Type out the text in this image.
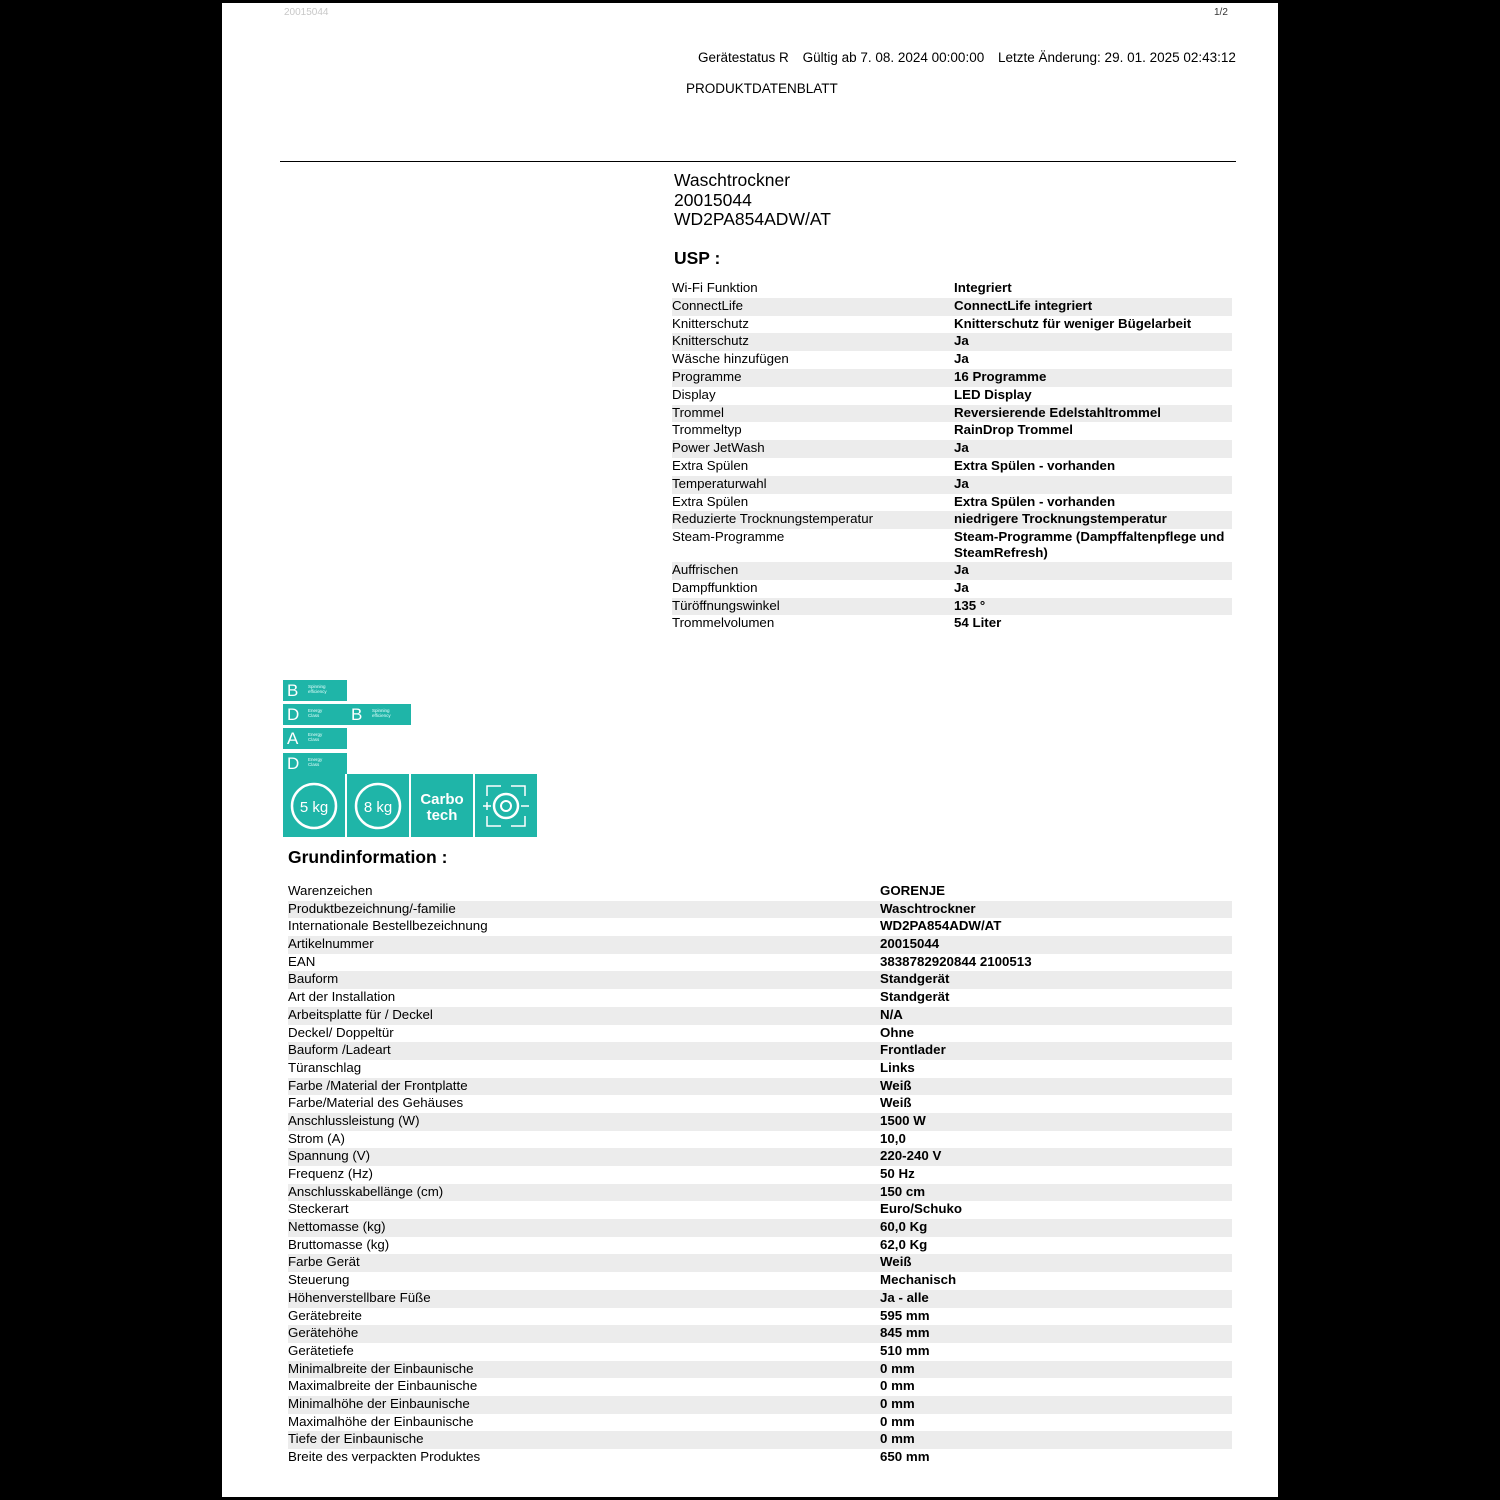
20015044	1/2
Gerätestatus R Gültig ab 7. 08. 2024 00:00:00 Letzte Änderung: 29. 01. 2025 02:43:12
PRODUKTDATENBLATT
Waschtrockner
20015044
WD2PA854ADW/AT
USP :
Wi-Fi Funktion	Integriert
ConnectLife	ConnectLife integriert
Knitterschutz	Knitterschutz für weniger Bügelarbeit
Knitterschutz	Ja
Wäsche hinzufügen	Ja
Programme	16 Programme
Display	LED Display
Trommel	Reversierende Edelstahltrommel
Trommeltyp	RainDrop Trommel
Power JetWash	Ja
Extra Spülen	Extra Spülen - vorhanden
Temperaturwahl	Ja
Extra Spülen	Extra Spülen - vorhanden
Reduzierte Trocknungstemperatur	niedrigere Trocknungstemperatur
Steam-Programme	Steam-Programme (Dampffaltenpflege und SteamRefresh)
Auffrischen	Ja
Dampffunktion	Ja
Türöffnungswinkel	135 °
Trommelvolumen	54 Liter
B Spinning efficiency
D Energy Class	B Spinning efficiency
A Energy Class
D Energy Class
5 kg 8 kg Carbo
tech
Grundinformation :
Warenzeichen	GORENJE
Produktbezeichnung/-familie	Waschtrockner
Internationale Bestellbezeichnung	WD2PA854ADW/AT
Artikelnummer	20015044
EAN	3838782920844 2100513
Bauform	Standgerät
Art der Installation	Standgerät
Arbeitsplatte für / Deckel	N/A
Deckel/ Doppeltür	Ohne
Bauform /Ladeart	Frontlader
Türanschlag	Links
Farbe /Material der Frontplatte	Weiß
Farbe/Material des Gehäuses	Weiß
Anschlussleistung (W)	1500 W
Strom (A)	10,0
Spannung (V)	220-240 V
Frequenz (Hz)	50 Hz
Anschlusskabellänge (cm)	150 cm
Steckerart	Euro/Schuko
Nettomasse (kg)	60,0 Kg
Bruttomasse (kg)	62,0 Kg
Farbe Gerät	Weiß
Steuerung	Mechanisch
Höhenverstellbare Füße	Ja - alle
Gerätebreite	595 mm
Gerätehöhe	845 mm
Gerätetiefe	510 mm
Minimalbreite der Einbaunische	0 mm
Maximalbreite der Einbaunische	0 mm
Minimalhöhe der Einbaunische	0 mm
Maximalhöhe der Einbaunische	0 mm
Tiefe der Einbaunische	0 mm
Breite des verpackten Produktes	650 mm
